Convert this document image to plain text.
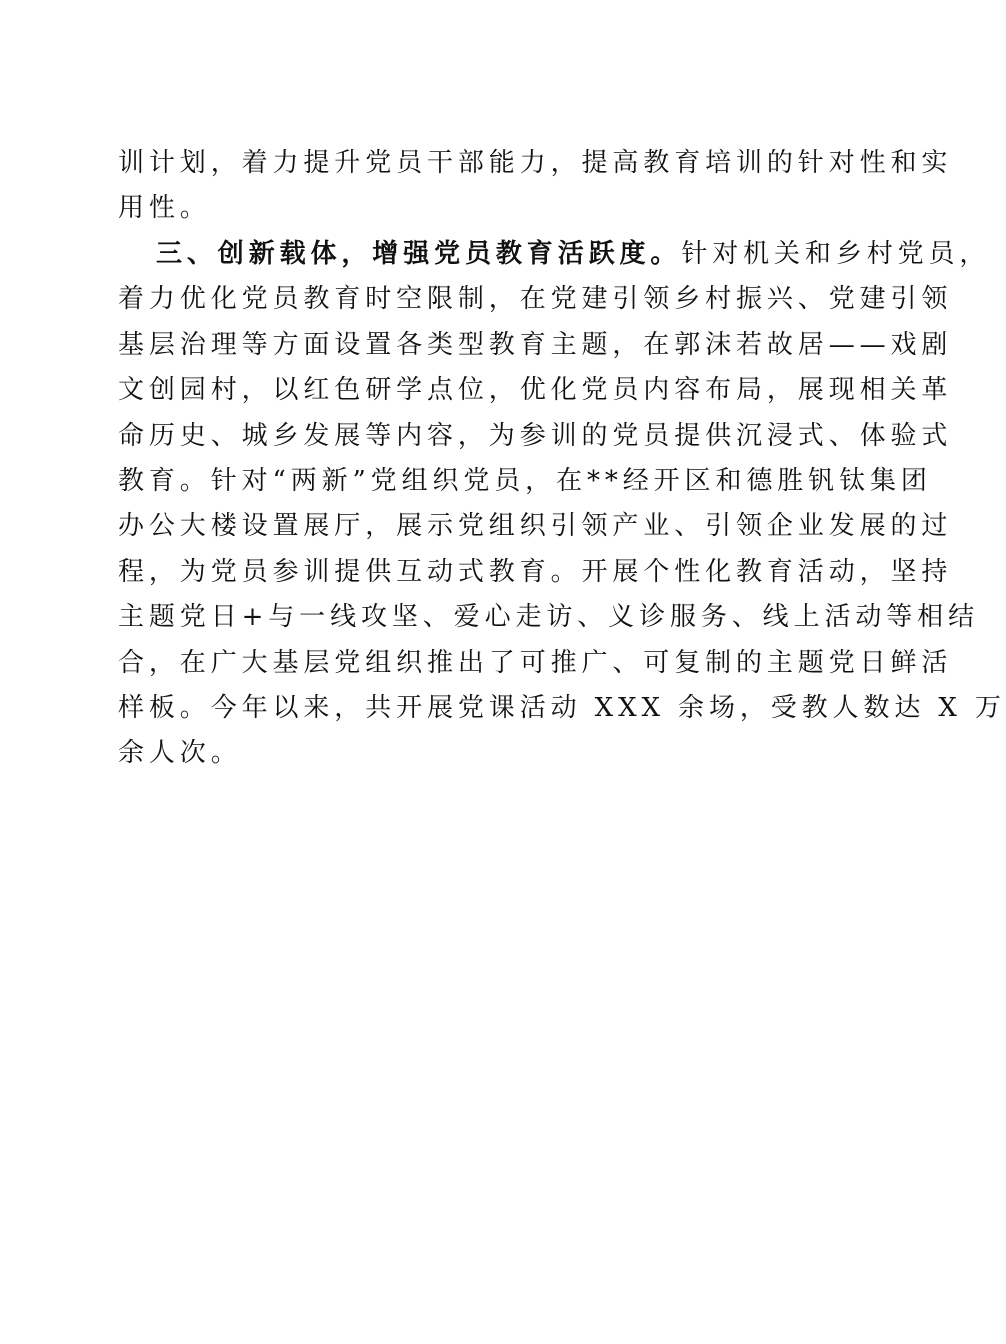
训计划，着力提升党员干部能力，提高教育培训的针对性和实
用性。
三、创新载体，增强党员教育活跃度。针对机关和乡村党员，
着力优化党员教育时空限制，在党建引领乡村振兴、党建引领
基层治理等方面设置各类型教育主题，在郭沫若故居——戏剧
文创园村，以红色研学点位，优化党员内容布局，展现相关革
命历史、城乡发展等内容，为参训的党员提供沉浸式、体验式
教育。针对“两新”党组织党员，在**经开区和德胜钒钛集团
办公大楼设置展厅，展示党组织引领产业、引领企业发展的过
程，为党员参训提供互动式教育。开展个性化教育活动，坚持
主题党日+与一线攻坚、爱心走访、义诊服务、线上活动等相结
合，在广大基层党组织推出了可推广、可复制的主题党日鲜活
样板。今年以来，共开展党课活动 XXX 余场，受教人数达 X 万
余人次。
